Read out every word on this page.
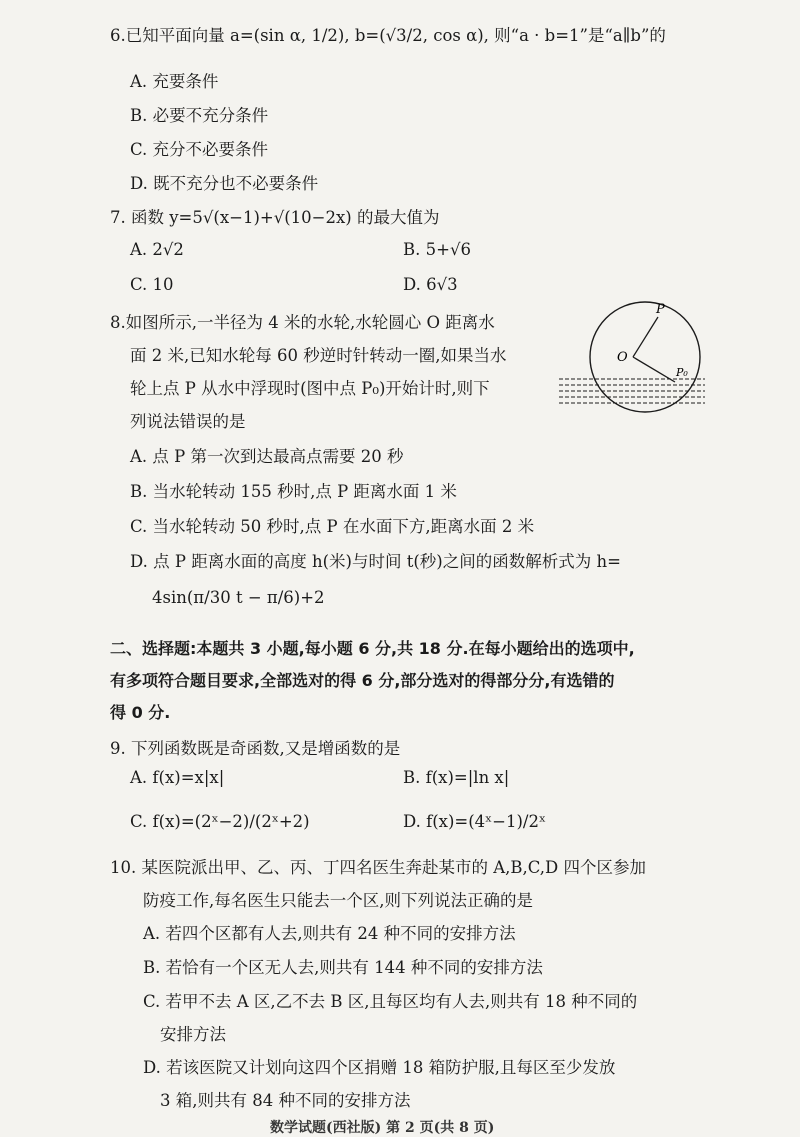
6.已知平面向量 a=(sin α, 1/2), b=(√3/2, cos α), 则“a · b=1”是“a∥b”的
A. 充要条件
B. 必要不充分条件
C. 充分不必要条件
D. 既不充分也不必要条件
7. 函数 y=5√(x−1)+√(10−2x) 的最大值为
A. 2√2	B. 5+√6
C. 10	D. 6√3
8.如图所示,一半径为 4 米的水轮,水轮圆心 O 距离水
面 2 米,已知水轮每 60 秒逆时针转动一圈,如果当水
轮上点 P 从水中浮现时(图中点 P₀)开始计时,则下
列说法错误的是
O
P
P₀
A. 点 P 第一次到达最高点需要 20 秒
B. 当水轮转动 155 秒时,点 P 距离水面 1 米
C. 当水轮转动 50 秒时,点 P 在水面下方,距离水面 2 米
D. 点 P 距离水面的高度 h(米)与时间 t(秒)之间的函数解析式为 h=
4sin(π/30 t − π/6)+2
二、选择题:本题共 3 小题,每小题 6 分,共 18 分.在每小题给出的选项中,
有多项符合题目要求,全部选对的得 6 分,部分选对的得部分分,有选错的
得 0 分.
9. 下列函数既是奇函数,又是增函数的是
A. f(x)=x|x|	B. f(x)=|ln x|
C. f(x)=(2ˣ−2)/(2ˣ+2)	D. f(x)=(4ˣ−1)/2ˣ
10. 某医院派出甲、乙、丙、丁四名医生奔赴某市的 A,B,C,D 四个区参加
防疫工作,每名医生只能去一个区,则下列说法正确的是
A. 若四个区都有人去,则共有 24 种不同的安排方法
B. 若恰有一个区无人去,则共有 144 种不同的安排方法
C. 若甲不去 A 区,乙不去 B 区,且每区均有人去,则共有 18 种不同的
安排方法
D. 若该医院又计划向这四个区捐赠 18 箱防护服,且每区至少发放
3 箱,则共有 84 种不同的安排方法
数学试题(西社版) 第 2 页(共 8 页)
